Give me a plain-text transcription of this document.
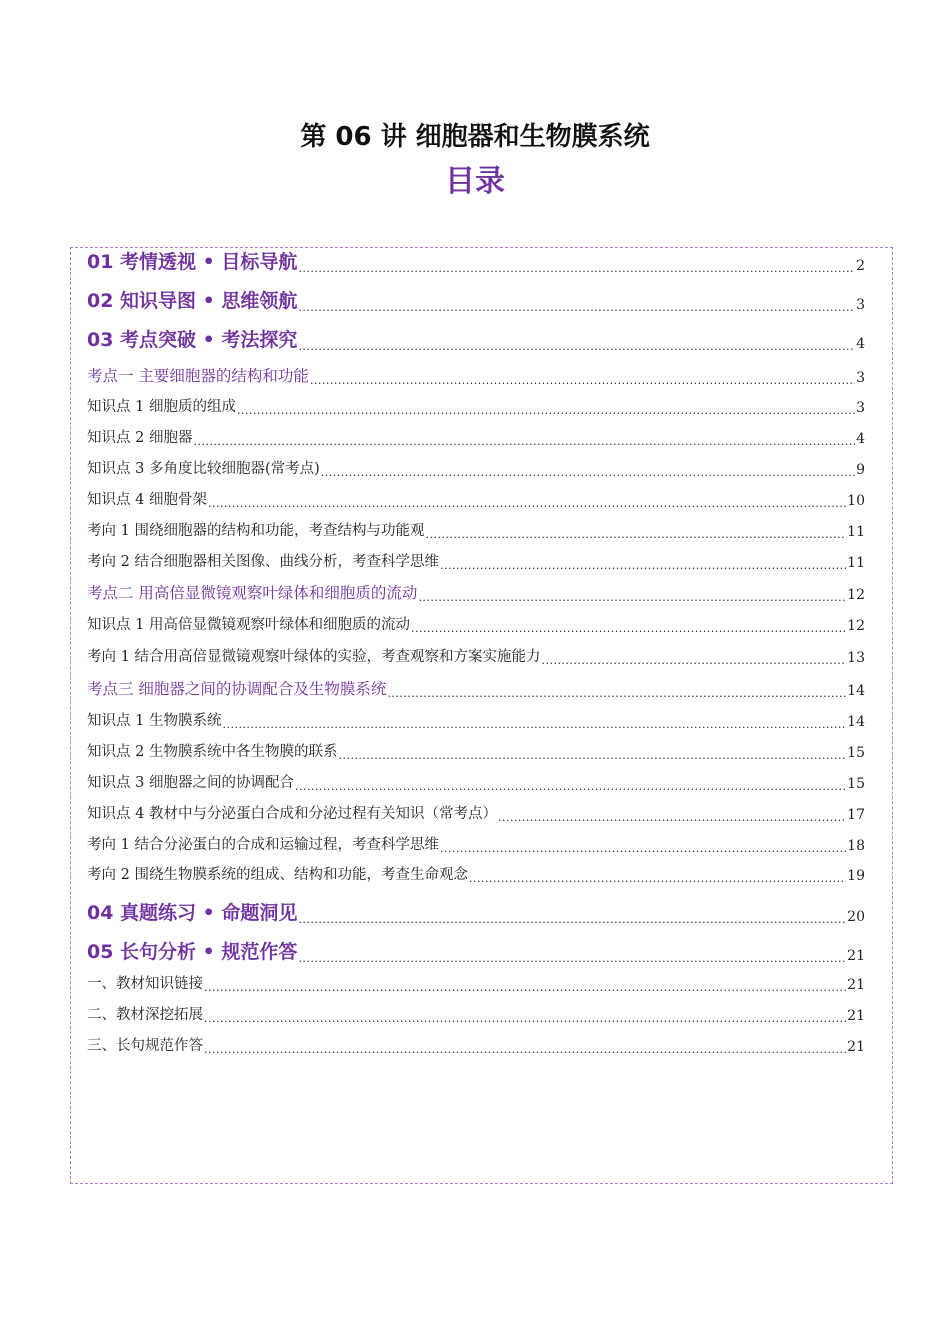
第 06 讲 细胞器和生物膜系统
目录
01 考情透视 • 目标导航 .....	2
02 知识导图 • 思维领航 .....	3
03 考点突破 • 考法探究 .....	4
考点一 主要细胞器的结构和功能 .....	3
知识点 1 细胞质的组成 .....	3
知识点 2 细胞器 .....	4
知识点 3 多角度比较细胞器(常考点) .....	9
知识点 4 细胞骨架 .....	10
考向 1 围绕细胞器的结构和功能，考查结构与功能观 .....	11
考向 2 结合细胞器相关图像、曲线分析，考查科学思维 .....	11
考点二 用高倍显微镜观察叶绿体和细胞质的流动 .....	12
知识点 1 用高倍显微镜观察叶绿体和细胞质的流动 .....	12
考向 1 结合用高倍显微镜观察叶绿体的实验，考查观察和方案实施能力 .....	13
考点三 细胞器之间的协调配合及生物膜系统 .....	14
知识点 1 生物膜系统 .....	14
知识点 2 生物膜系统中各生物膜的联系 .....	15
知识点 3 细胞器之间的协调配合 .....	15
知识点 4 教材中与分泌蛋白合成和分泌过程有关知识（常考点） .....	17
考向 1 结合分泌蛋白的合成和运输过程，考查科学思维 .....	18
考向 2 围绕生物膜系统的组成、结构和功能，考查生命观念 .....	19
04 真题练习 • 命题洞见 .....	20
05 长句分析 • 规范作答 .....	21
一、教材知识链接 .....	21
二、教材深挖拓展 .....	21
三、长句规范作答 .....	21
